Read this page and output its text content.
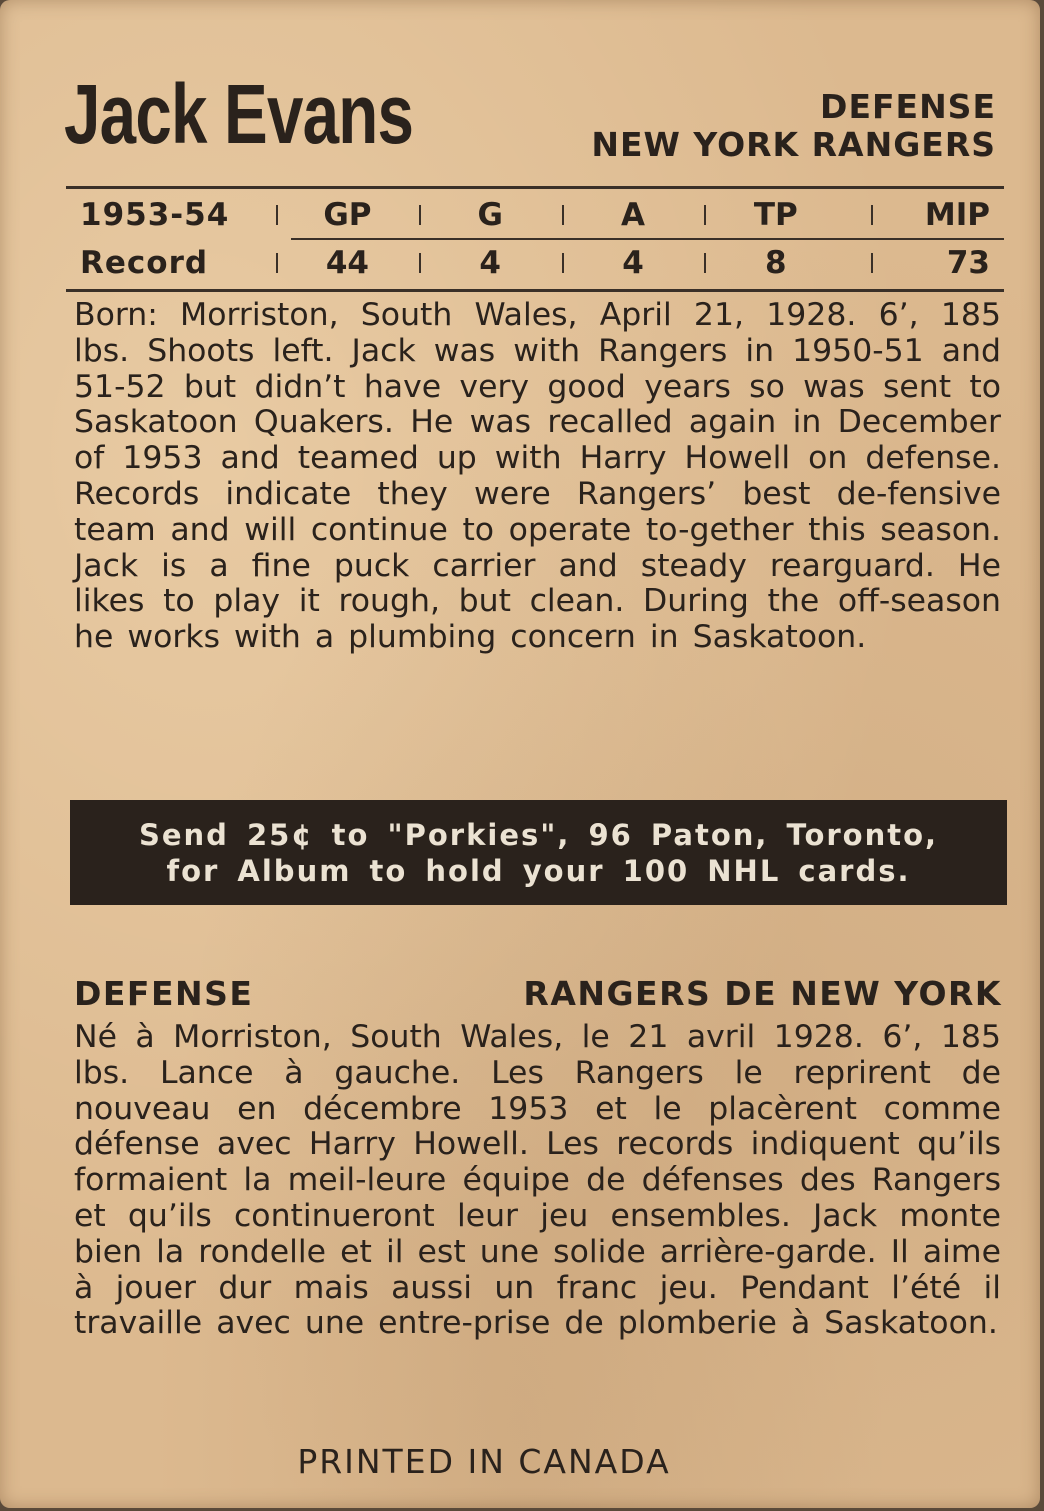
Jack Evans	DEFENSE
NEW YORK RANGERS
1953-54	GP	G	A	TP	MIP
Record	44	4	4	8	73
Born: Morriston, South Wales, April 21, 1928. 6’, 185 lbs. Shoots left. Jack was with Rangers in 1950-51 and 51-52 but didn’t have very good years so was sent to Saskatoon Quakers. He was recalled again in December of 1953 and teamed up with Harry Howell on defense. Records indicate they were Rangers’ best de-fensive team and will continue to operate to-gether this season. Jack is a fine puck carrier and steady rearguard. He likes to play it rough, but clean. During the off-season he works with a plumbing concern in Saskatoon.
Send 25¢ to "Porkies", 96 Paton, Toronto,
for Album to hold your 100 NHL cards.
DEFENSE	RANGERS DE NEW YORK
Né à Morriston, South Wales, le 21 avril 1928. 6’, 185 lbs. Lance à gauche. Les Rangers le reprirent de nouveau en décembre 1953 et le placèrent comme défense avec Harry Howell. Les records indiquent qu’ils formaient la meil-leure équipe de défenses des Rangers et qu’ils continueront leur jeu ensembles. Jack monte bien la rondelle et il est une solide arrière-garde. Il aime à jouer dur mais aussi un franc jeu. Pendant l’été il travaille avec une entre-prise de plomberie à Saskatoon.
PRINTED IN CANADA
